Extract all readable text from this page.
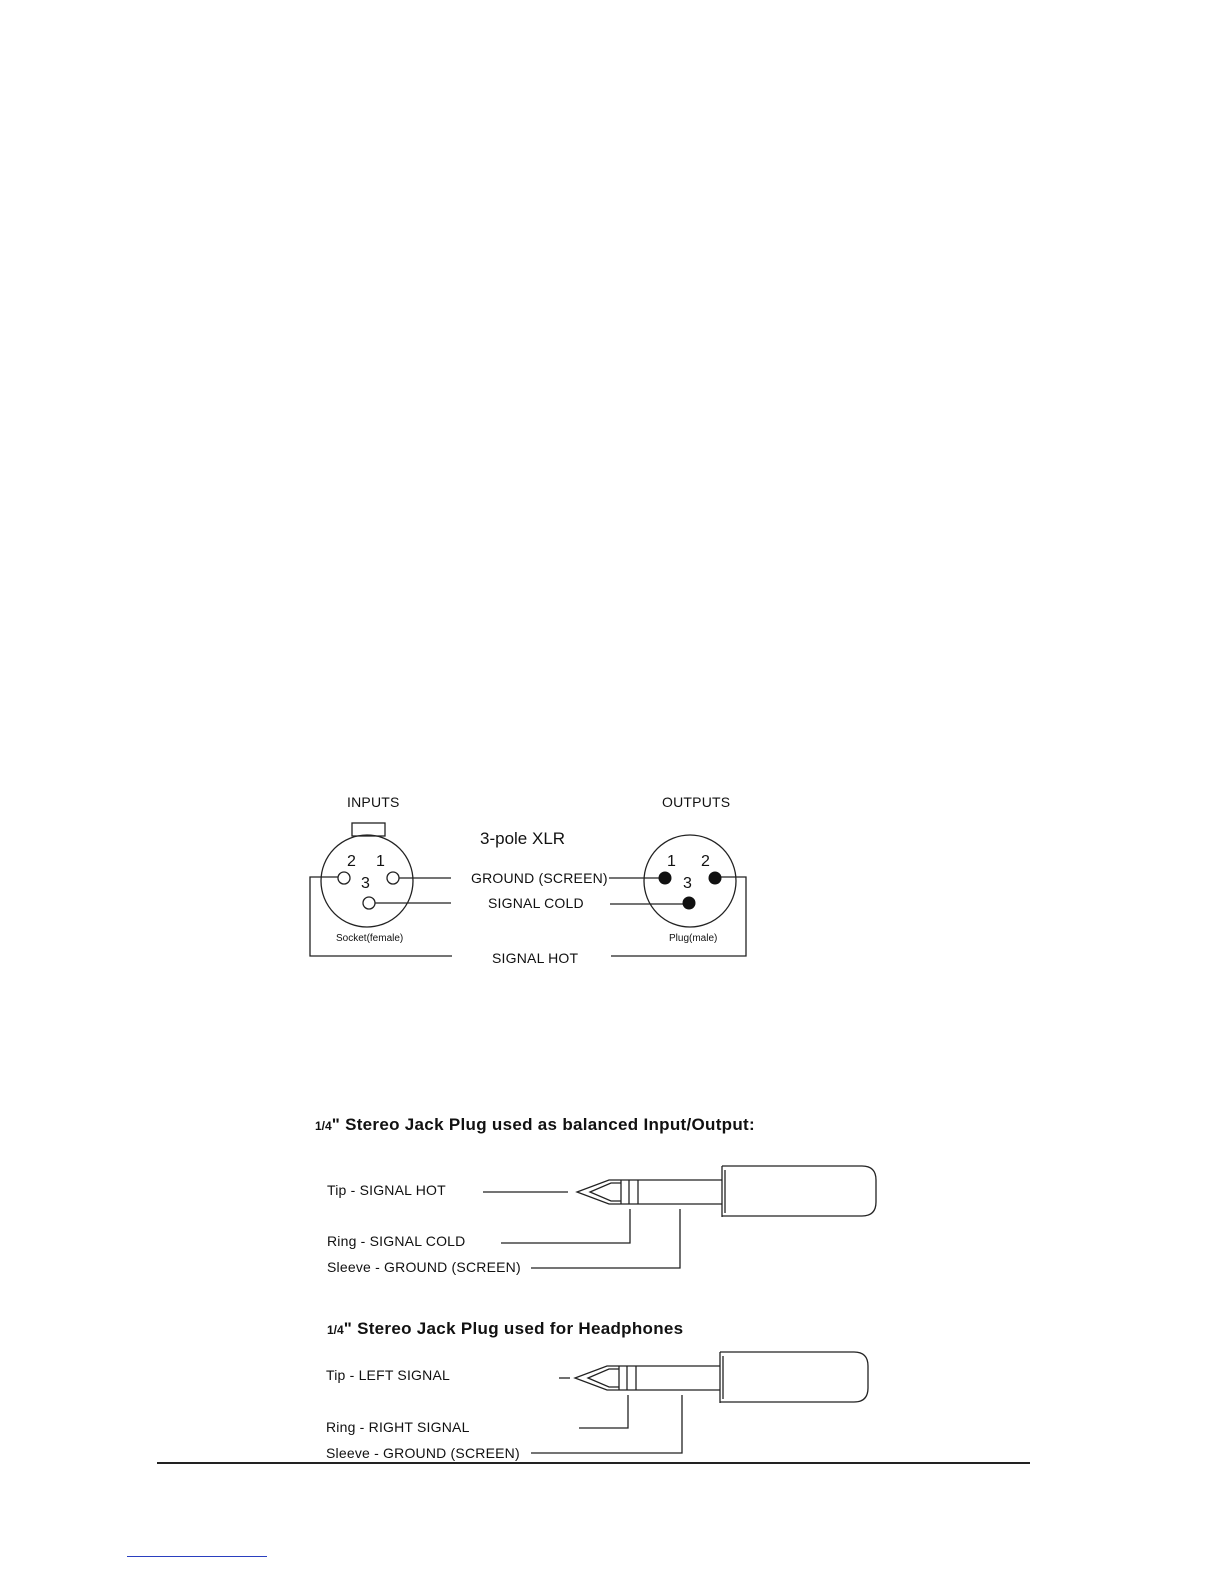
INPUTS	OUTPUTS
3-pole XLR
2 1
3
Socket(female)
1 2
3
Plug(male)
GROUND (SCREEN)
SIGNAL COLD
SIGNAL HOT
1/4" Stereo Jack Plug used as balanced Input/Output:
Tip - SIGNAL HOT
Ring - SIGNAL COLD
Sleeve - GROUND (SCREEN)
1/4" Stereo Jack Plug used for Headphones
Tip - LEFT SIGNAL
Ring - RIGHT SIGNAL
Sleeve - GROUND (SCREEN)
